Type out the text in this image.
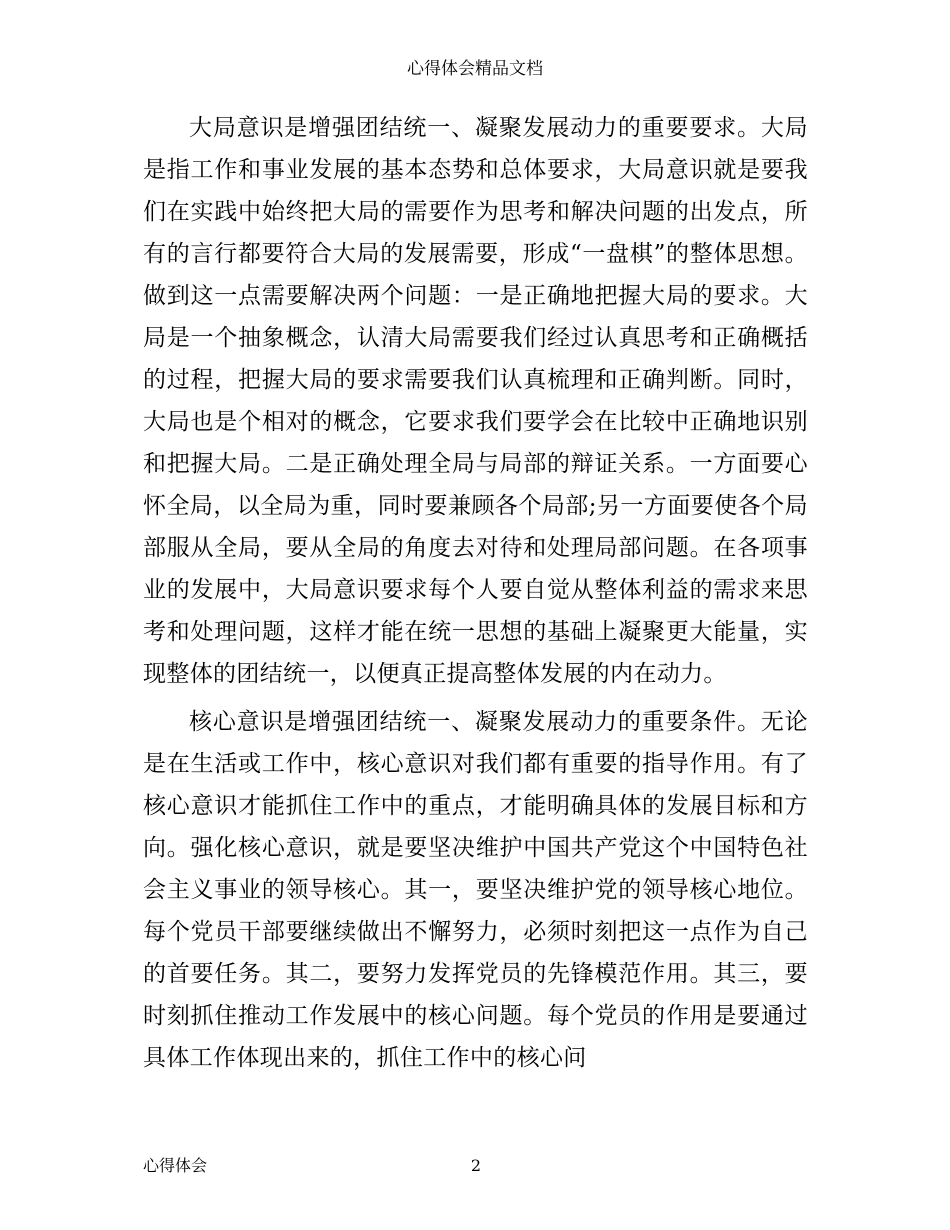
心得体会精品文档

大局意识是增强团结统一、凝聚发展动力的重要要求。大局是指工作和事业发展的基本态势和总体要求，大局意识就是要我们在实践中始终把大局的需要作为思考和解决问题的出发点，所有的言行都要符合大局的发展需要，形成“一盘棋”的整体思想。做到这一点需要解决两个问题：一是正确地把握大局的要求。大局是一个抽象概念，认清大局需要我们经过认真思考和正确概括的过程，把握大局的要求需要我们认真梳理和正确判断。同时，大局也是个相对的概念，它要求我们要学会在比较中正确地识别和把握大局。二是正确处理全局与局部的辩证关系。一方面要心怀全局，以全局为重，同时要兼顾各个局部;另一方面要使各个局部服从全局，要从全局的角度去对待和处理局部问题。在各项事业的发展中，大局意识要求每个人要自觉从整体利益的需求来思考和处理问题，这样才能在统一思想的基础上凝聚更大能量，实现整体的团结统一，以便真正提高整体发展的内在动力。

核心意识是增强团结统一、凝聚发展动力的重要条件。无论是在生活或工作中，核心意识对我们都有重要的指导作用。有了核心意识才能抓住工作中的重点，才能明确具体的发展目标和方向。强化核心意识，就是要坚决维护中国共产党这个中国特色社会主义事业的领导核心。其一，要坚决维护党的领导核心地位。每个党员干部要继续做出不懈努力，必须时刻把这一点作为自己的首要任务。其二，要努力发挥党员的先锋模范作用。其三，要时刻抓住推动工作发展中的核心问题。每个党员的作用是要通过具体工作体现出来的，抓住工作中的核心问

心得体会	2
